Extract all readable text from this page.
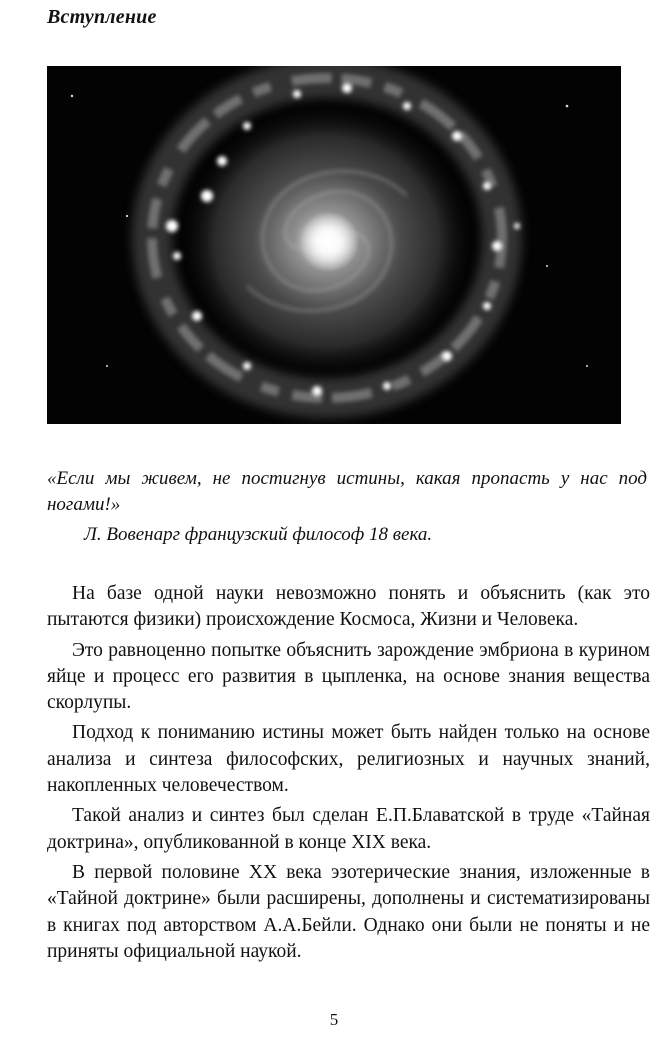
Вступление
«Если мы живем, не постигнув истины, какая пропасть у нас под ногами!»
Л. Вовенарг французский философ 18 века.

На базе одной науки невозможно понять и объяснить (как это пытаются физики) происхождение Космоса, Жизни и Человека.

Это равноценно попытке объяснить зарождение эмбриона в курином яйце и процесс его развития в цыпленка, на основе знания вещества скорлупы.

Подход к пониманию истины может быть найден только на основе анализа и синтеза философских, религиозных и научных знаний, накопленных человечеством.

Такой анализ и синтез был сделан Е.П.Блаватской в труде «Тайная доктрина», опубликованной в конце XIX века.

В первой половине XX века эзотерические знания, изложенные в «Тайной доктрине» были расширены, дополнены и систематизированы в книгах под авторством А.А.Бейли. Однако они были не поняты и не приняты официальной наукой.

5
